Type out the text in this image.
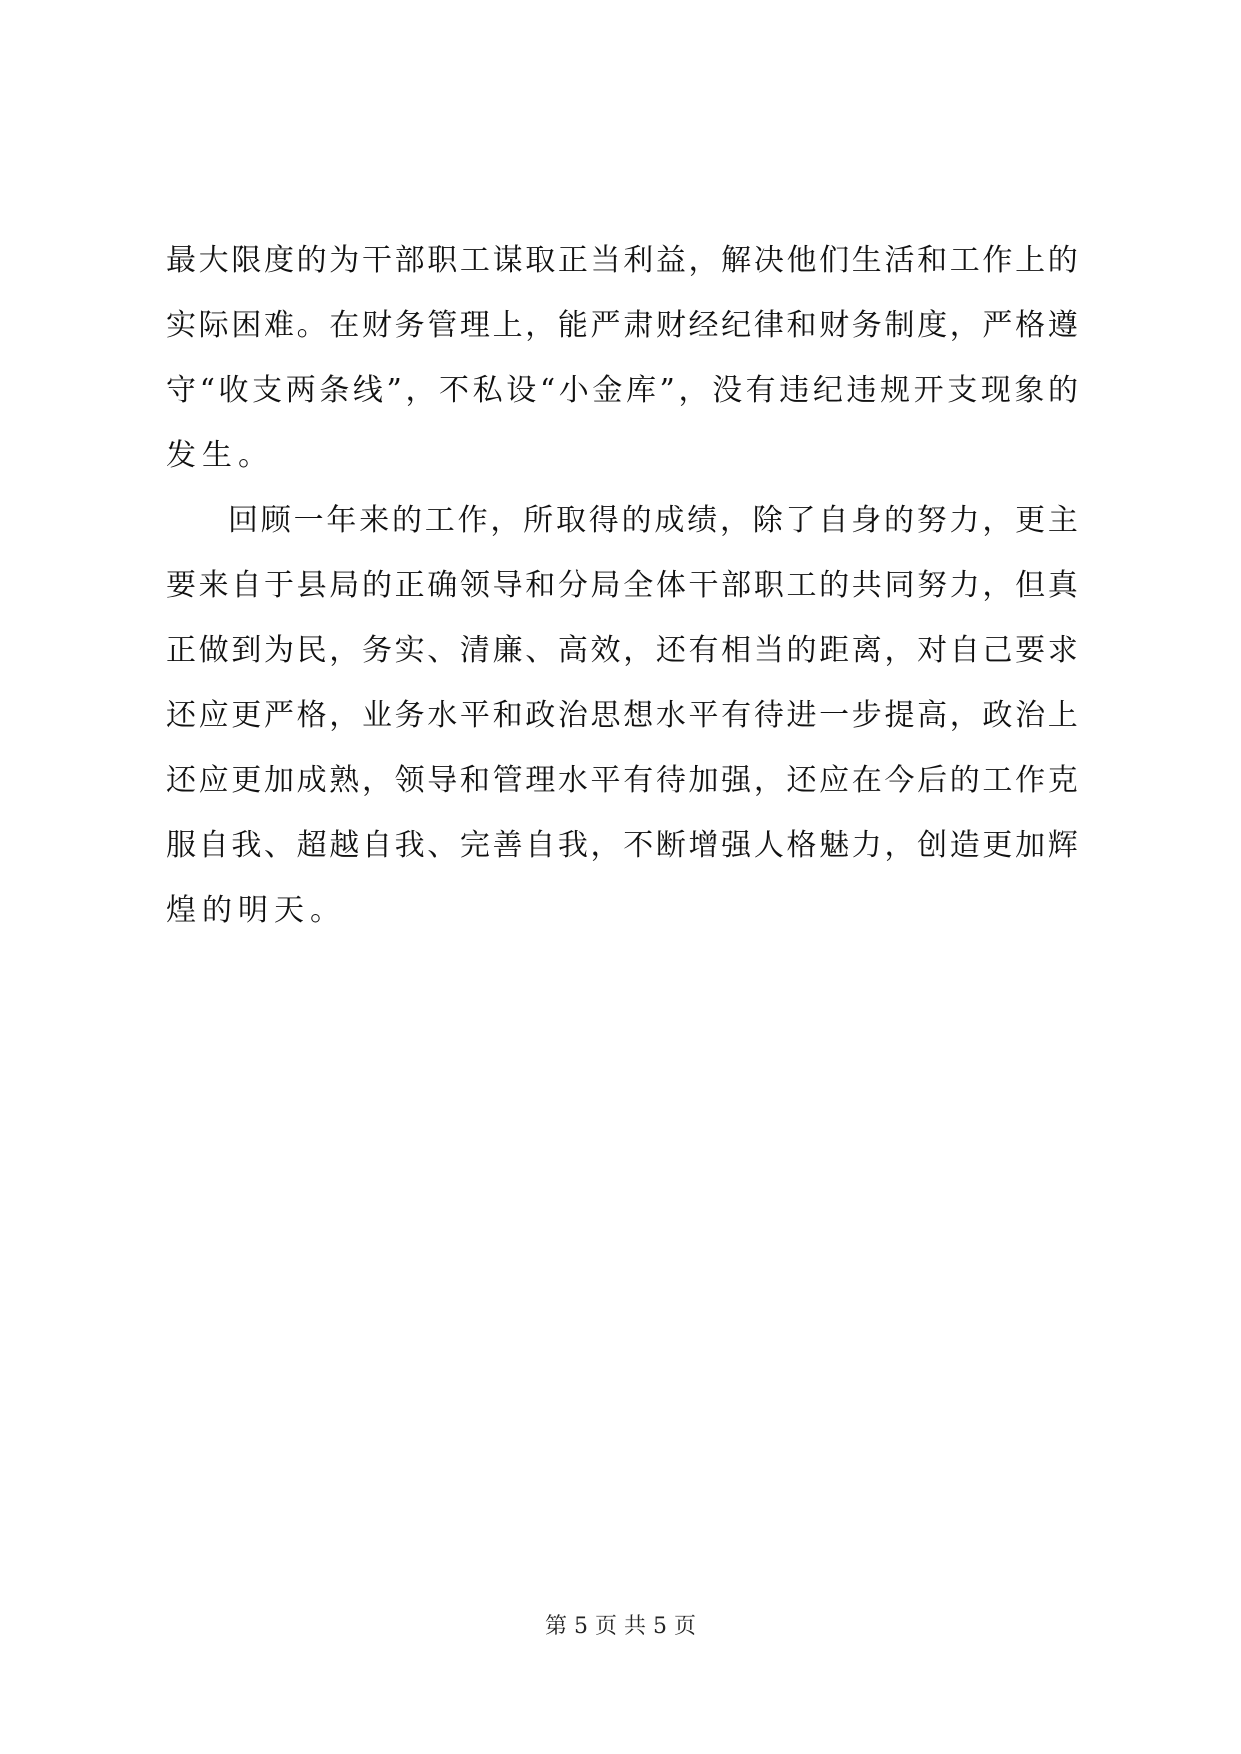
最 大 限 度 的 为 干 部 职 工 谋 取 正 当 利 益 ， 解 决 他 们 生 活 和 工 作 上 的
实 际 困 难 。 在 财 务 管 理 上 ， 能 严 肃 财 经 纪 律 和 财 务 制 度 ， 严 格 遵
守 “ 收 支 两 条 线 ” ， 不 私 设 “ 小 金 库 ” ， 没 有 违 纪 违 规 开 支 现 象 的
发生。
回 顾 一 年 来 的 工 作 ， 所 取 得 的 成 绩 ， 除 了 自 身 的 努 力 ， 更 主
要 来 自 于 县 局 的 正 确 领 导 和 分 局 全 体 干 部 职 工 的 共 同 努 力 ， 但 真
正 做 到 为 民 ， 务 实 、 清 廉 、 高 效 ， 还 有 相 当 的 距 离 ， 对 自 己 要 求
还 应 更 严 格 ， 业 务 水 平 和 政 治 思 想 水 平 有 待 进 一 步 提 高 ， 政 治 上
还 应 更 加 成 熟 ， 领 导 和 管 理 水 平 有 待 加 强 ， 还 应 在 今 后 的 工 作 克
服 自 我 、 超 越 自 我 、 完 善 自 我 ， 不 断 增 强 人 格 魅 力 ， 创 造 更 加 辉
煌的明天。
第 5 页 共 5 页
